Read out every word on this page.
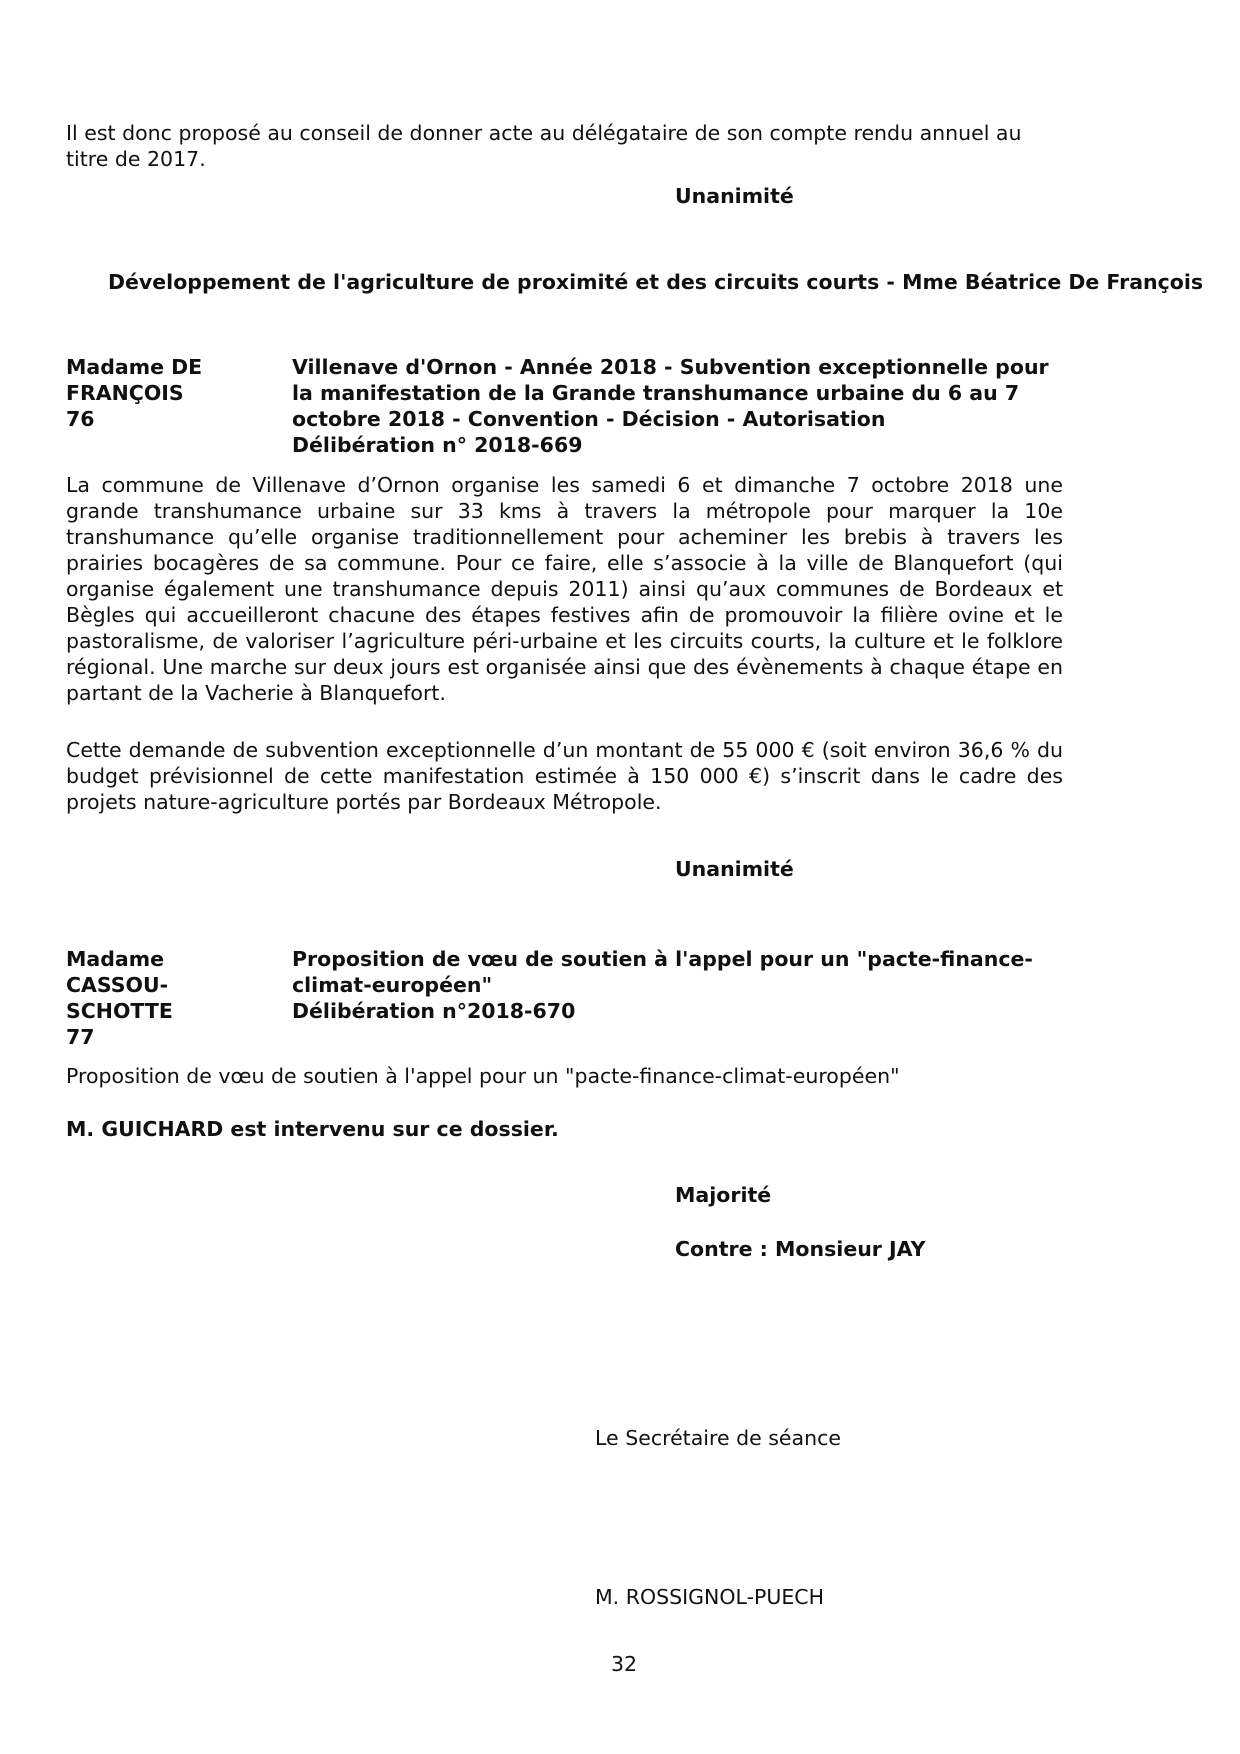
Il est donc proposé au conseil de donner acte au délégataire de son compte rendu annuel au titre de 2017.

Unanimité
Développement de l'agriculture de proximité et des circuits courts - Mme Béatrice De François
Madame DE
FRANÇOIS
76
Villenave d'Ornon - Année 2018 - Subvention exceptionnelle pour la manifestation de la Grande transhumance urbaine du 6 au 7 octobre 2018 - Convention - Décision - Autorisation
Délibération n° 2018-669

La commune de Villenave d’Ornon organise les samedi 6 et dimanche 7 octobre 2018 une grande transhumance urbaine sur 33 kms à travers la métropole pour marquer la 10e transhumance qu’elle organise traditionnellement pour acheminer les brebis à travers les prairies bocagères de sa commune. Pour ce faire, elle s’associe à la ville de Blanquefort (qui organise également une transhumance depuis 2011) ainsi qu’aux communes de Bordeaux et Bègles qui accueilleront chacune des étapes festives afin de promouvoir la filière ovine et le pastoralisme, de valoriser l’agriculture péri-urbaine et les circuits courts, la culture et le folklore régional. Une marche sur deux jours est organisée ainsi que des évènements à chaque étape en partant de la Vacherie à Blanquefort.

Cette demande de subvention exceptionnelle d’un montant de 55 000 € (soit environ 36,6 % du budget prévisionnel de cette manifestation estimée à 150 000 €) s’inscrit dans le cadre des projets nature-agriculture portés par Bordeaux Métropole.

Unanimité
Madame
CASSOU-
SCHOTTE
77
Proposition de vœu de soutien à l'appel pour un "pacte-finance-
climat-européen"
Délibération n°2018-670

Proposition de vœu de soutien à l'appel pour un "pacte-finance-climat-européen"

M. GUICHARD est intervenu sur ce dossier.

Majorité
Contre : Monsieur JAY
Le Secrétaire de séance
M. ROSSIGNOL-PUECH
32
